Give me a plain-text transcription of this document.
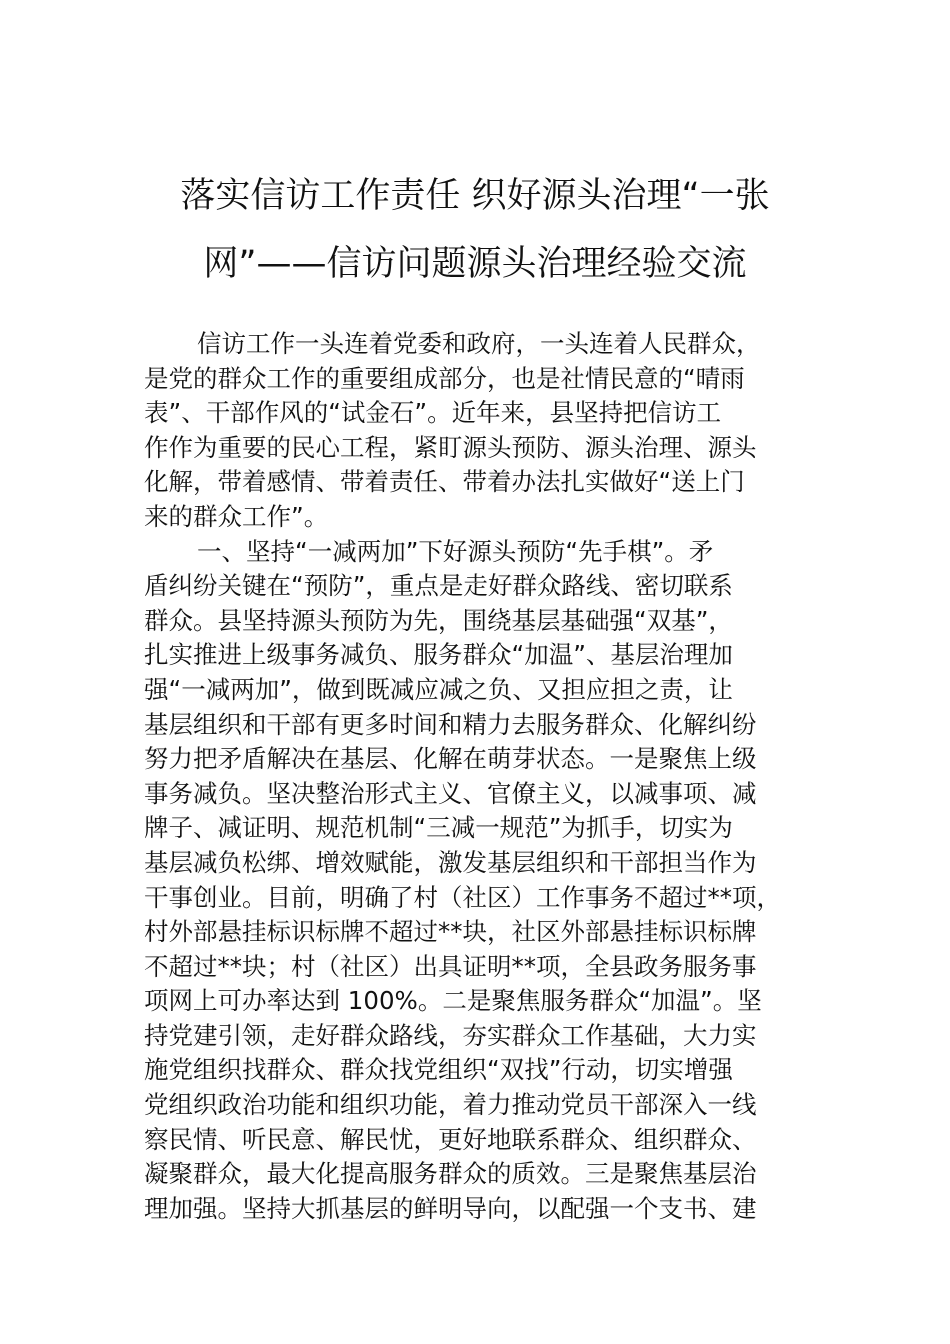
落实信访工作责任 织好源头治理“一张
网”——信访问题源头治理经验交流
信访工作一头连着党委和政府，一头连着人民群众，
是党的群众工作的重要组成部分，也是社情民意的“晴雨
表”、干部作风的“试金石”。近年来，县坚持把信访工
作作为重要的民心工程，紧盯源头预防、源头治理、源头
化解，带着感情、带着责任、带着办法扎实做好“送上门
来的群众工作”。
一、坚持“一减两加”下好源头预防“先手棋”。矛
盾纠纷关键在“预防”，重点是走好群众路线、密切联系
群众。县坚持源头预防为先，围绕基层基础强“双基”，
扎实推进上级事务减负、服务群众“加温”、基层治理加
强“一减两加”，做到既减应减之负、又担应担之责，让
基层组织和干部有更多时间和精力去服务群众、化解纠纷
努力把矛盾解决在基层、化解在萌芽状态。一是聚焦上级
事务减负。坚决整治形式主义、官僚主义，以减事项、减
牌子、减证明、规范机制“三减一规范”为抓手，切实为
基层减负松绑、增效赋能，激发基层组织和干部担当作为
干事创业。目前，明确了村（社区）工作事务不超过**项，
村外部悬挂标识标牌不超过**块，社区外部悬挂标识标牌
不超过**块；村（社区）出具证明**项，全县政务服务事
项网上可办率达到 100%。二是聚焦服务群众“加温”。坚
持党建引领，走好群众路线，夯实群众工作基础，大力实
施党组织找群众、群众找党组织“双找”行动，切实增强
党组织政治功能和组织功能，着力推动党员干部深入一线
察民情、听民意、解民忧，更好地联系群众、组织群众、
凝聚群众，最大化提高服务群众的质效。三是聚焦基层治
理加强。坚持大抓基层的鲜明导向，以配强一个支书、建
